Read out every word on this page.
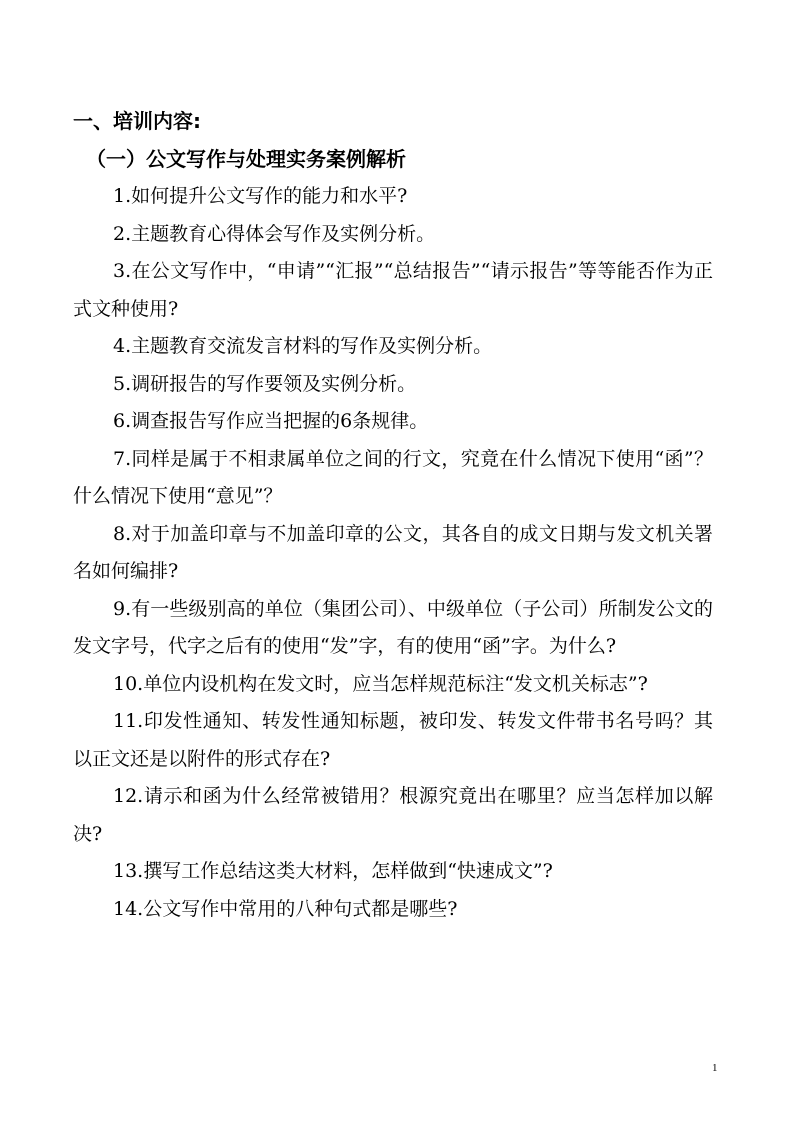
一、培训内容:
（一）公文写作与处理实务案例解析
1.如何提升公文写作的能力和水平?
2.主题教育心得体会写作及实例分析。
3.在公文写作中，“申请”“汇报”“总结报告”“请示报告”等等能否作为正式文种使用?
4.主题教育交流发言材料的写作及实例分析。
5.调研报告的写作要领及实例分析。
6.调查报告写作应当把握的6条规律。
7.同样是属于不相隶属单位之间的行文，究竟在什么情况下使用“函”？什么情况下使用“意见”？
8.对于加盖印章与不加盖印章的公文，其各自的成文日期与发文机关署名如何编排?
9.有一些级别高的单位（集团公司）、中级单位（子公司）所制发公文的发文字号，代字之后有的使用“发”字，有的使用“函”字。为什么?
10.单位内设机构在发文时，应当怎样规范标注“发文机关标志”?
11.印发性通知、转发性通知标题，被印发、转发文件带书名号吗？其以正文还是以附件的形式存在?
12.请示和函为什么经常被错用？根源究竟出在哪里？应当怎样加以解决?
13.撰写工作总结这类大材料，怎样做到“快速成文”?
14.公文写作中常用的八种句式都是哪些?
1
